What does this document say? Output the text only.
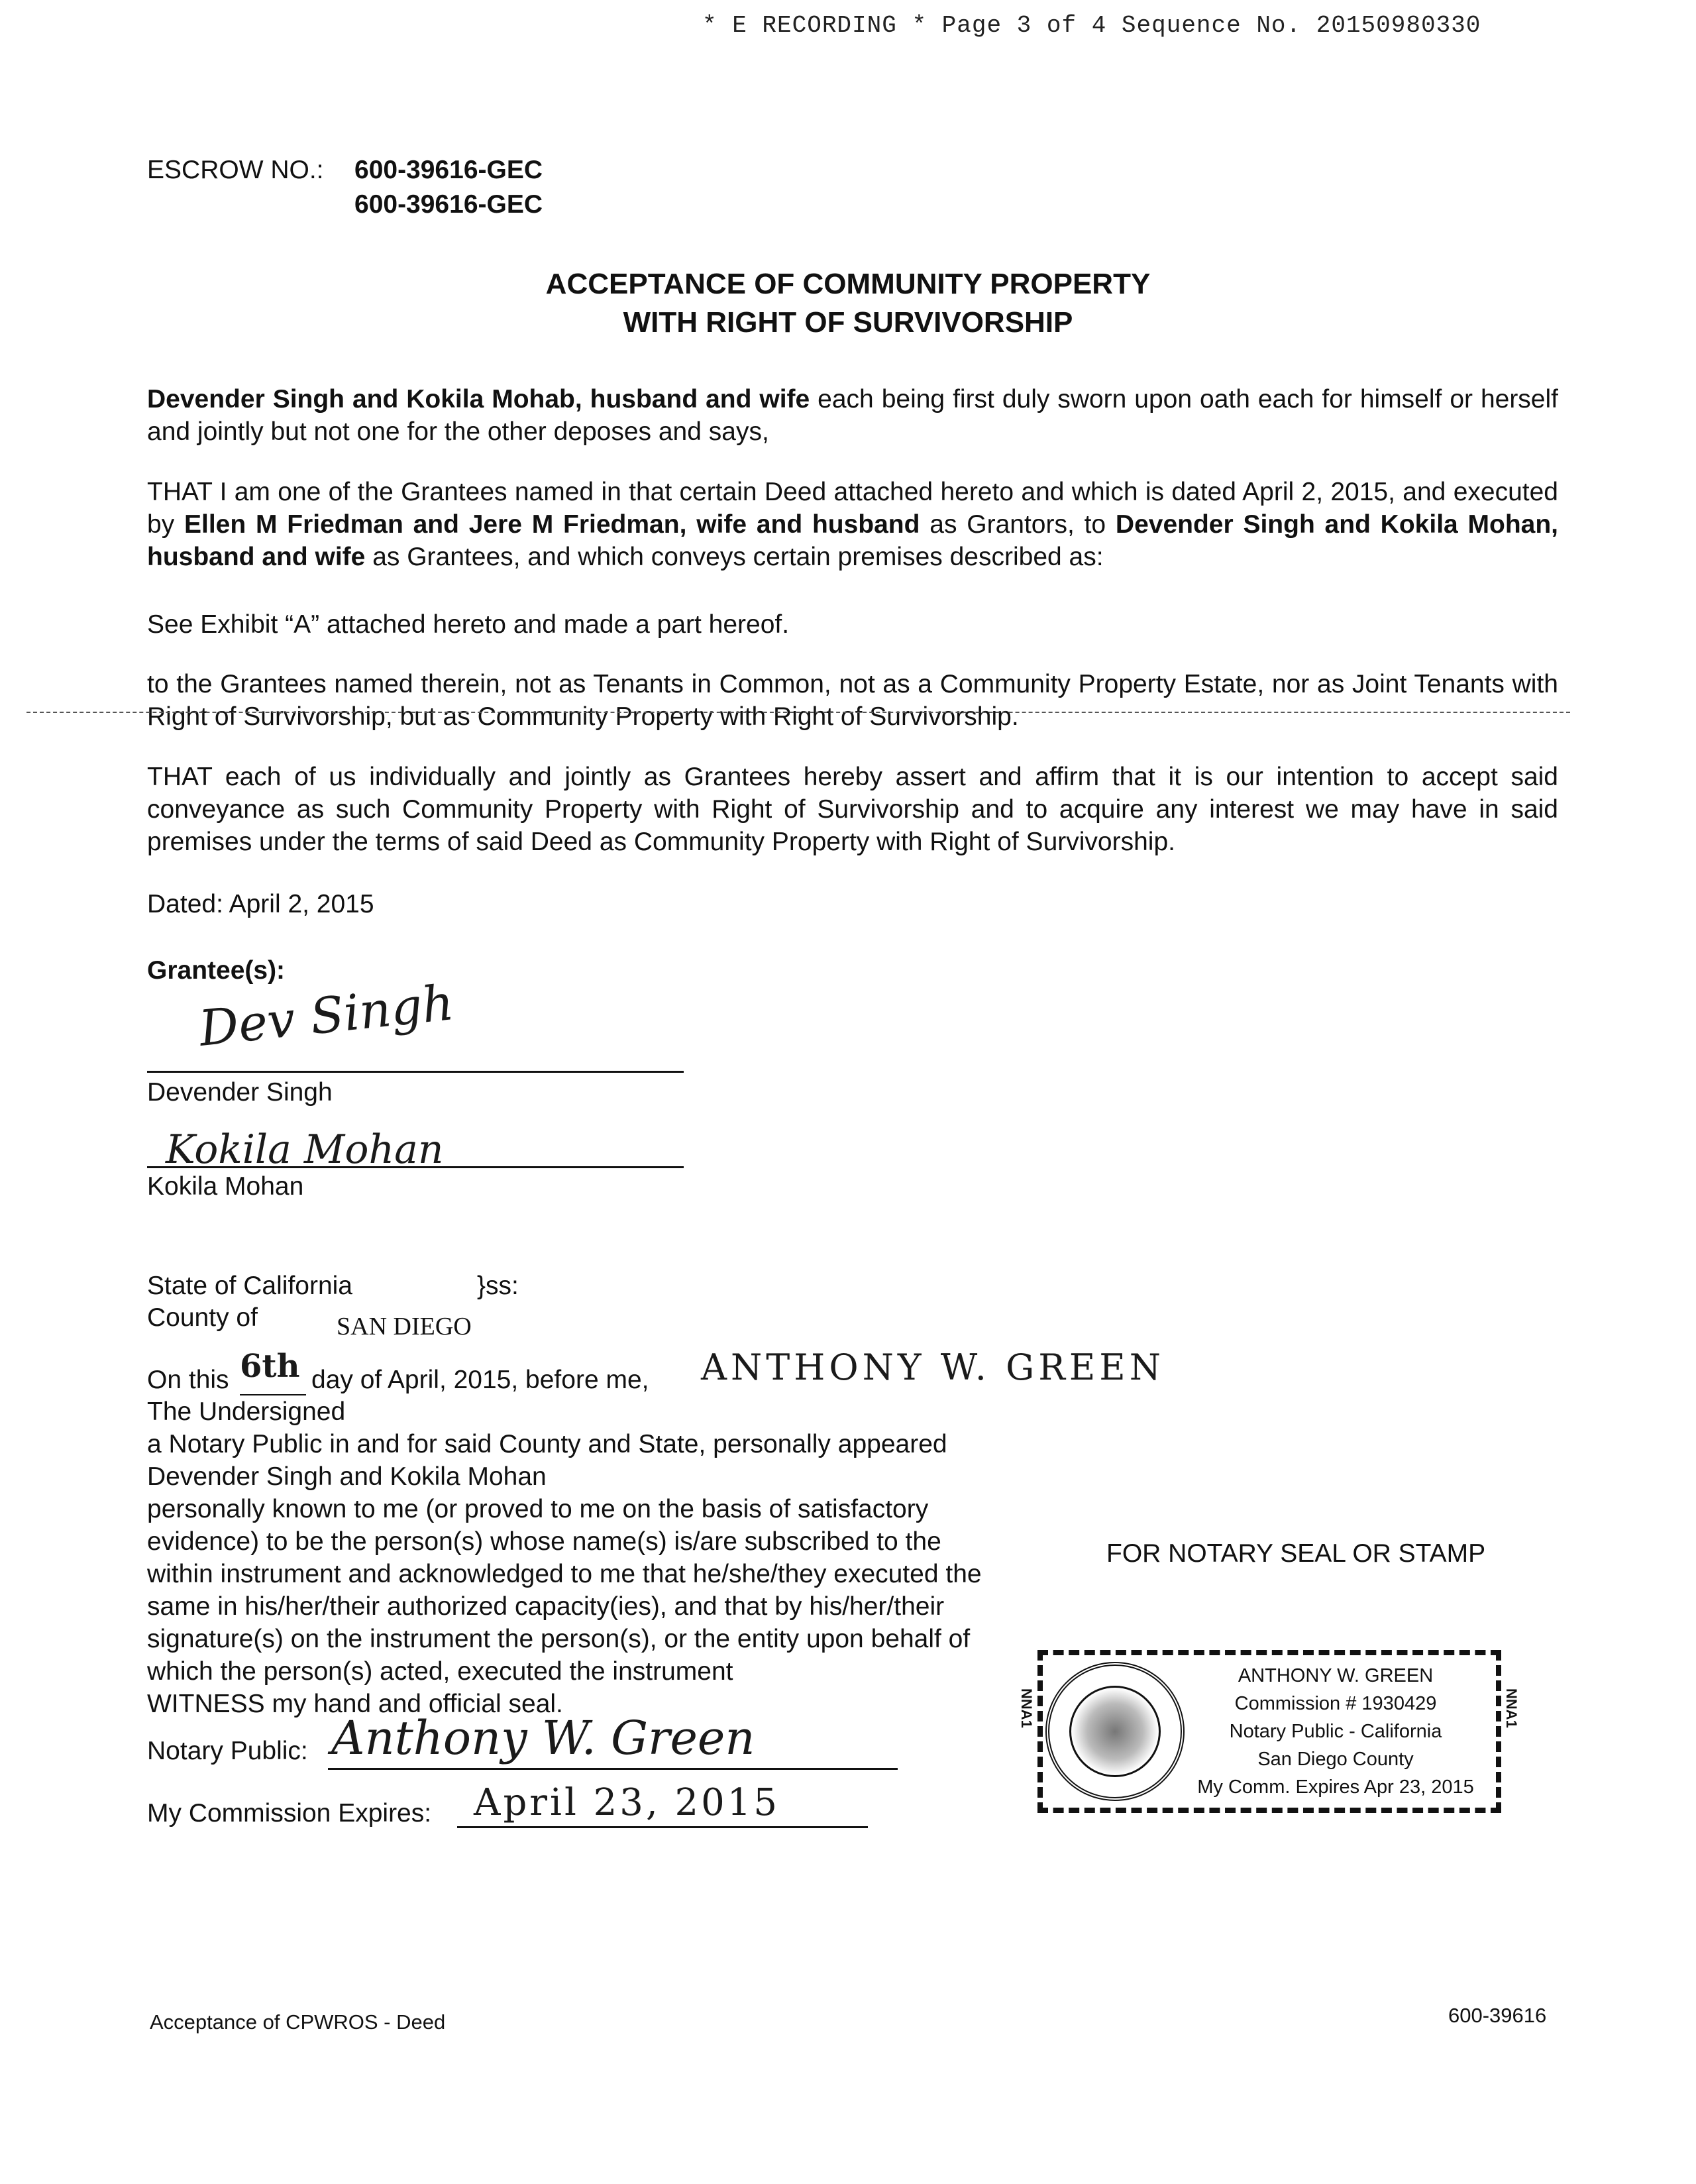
* E RECORDING * Page 3 of 4 Sequence No. 20150980330
ESCROW NO.: 600-39616-GEC
600-39616-GEC
ACCEPTANCE OF COMMUNITY PROPERTY
WITH RIGHT OF SURVIVORSHIP
Devender Singh and Kokila Mohab, husband and wife each being first duly sworn upon oath each for himself or herself and jointly but not one for the other deposes and says,
THAT I am one of the Grantees named in that certain Deed attached hereto and which is dated April 2, 2015, and executed by Ellen M Friedman and Jere M Friedman, wife and husband as Grantors, to Devender Singh and Kokila Mohan, husband and wife as Grantees, and which conveys certain premises described as:
See Exhibit “A” attached hereto and made a part hereof.
to the Grantees named therein, not as Tenants in Common, not as a Community Property Estate, nor as Joint Tenants with Right of Survivorship, but as Community Property with Right of Survivorship.
THAT each of us individually and jointly as Grantees hereby assert and affirm that it is our intention to accept said conveyance as such Community Property with Right of Survivorship and to acquire any interest we may have in said premises under the terms of said Deed as Community Property with Right of Survivorship.
Dated: April 2, 2015
Grantee(s):
Dev Singh
Devender Singh
Kokila Mohan
Kokila Mohan
State of California	}ss:
County of	SAN DIEGO
On this 6th day of April, 2015, before me, ANTHONY W. GREEN
The Undersigned
a Notary Public in and for said County and State, personally appeared
Devender Singh and Kokila Mohan
personally known to me (or proved to me on the basis of satisfactory
evidence) to be the person(s) whose name(s) is/are subscribed to the
within instrument and acknowledged to me that he/she/they executed the
same in his/her/their authorized capacity(ies), and that by his/her/their
signature(s) on the instrument the person(s), or the entity upon behalf of
which the person(s) acted, executed the instrument
WITNESS my hand and official seal.
FOR NOTARY SEAL OR STAMP
Notary Public: Anthony W. Green
My Commission Expires: April 23, 2015
ANTHONY W. GREEN
Commission # 1930429
Notary Public - California
San Diego County
My Comm. Expires Apr 23, 2015
NNA1	NNA1
Acceptance of CPWROS - Deed	600-39616
